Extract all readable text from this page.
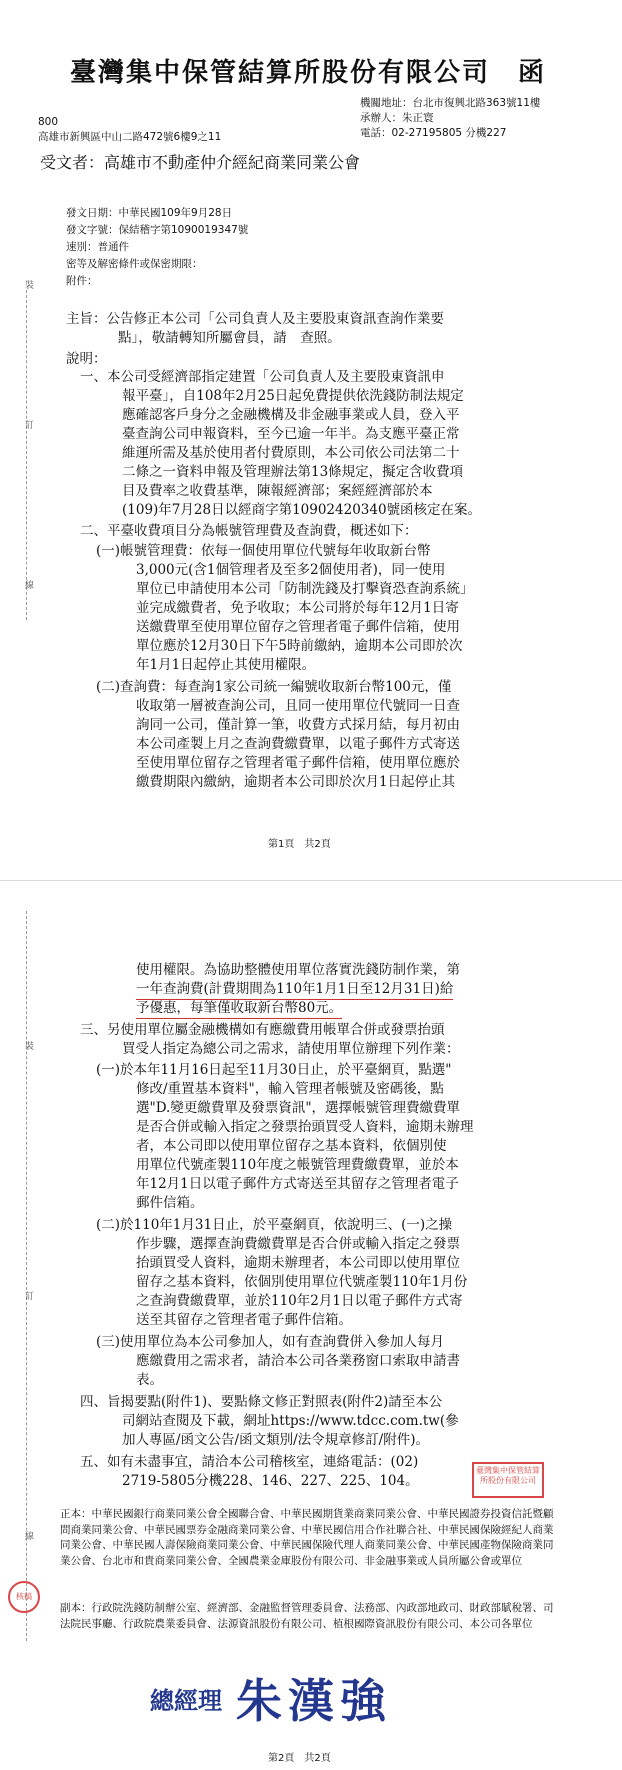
臺灣集中保管結算所股份有限公司　函
機關地址：台北市復興北路363號11樓
承辦人：朱正寰
電話：02-27195805 分機227
800
高雄市新興區中山二路472號6樓9之11
受文者：高雄市不動產仲介經紀商業同業公會
發文日期：中華民國109年9月28日
發文字號：保結稽字第1090019347號
速別：普通件
密等及解密條件或保密期限：
附件：
裝
訂
線
主旨：公告修正本公司「公司負責人及主要股東資訊查詢作業要
點」，敬請轉知所屬會員，請　查照。
說明：
一、本公司受經濟部指定建置「公司負責人及主要股東資訊申
報平臺」，自108年2月25日起免費提供依洗錢防制法規定
應確認客戶身分之金融機構及非金融事業或人員，登入平
臺查詢公司申報資料，至今已逾一年半。為支應平臺正常
維運所需及基於使用者付費原則，本公司依公司法第二十
二條之一資料申報及管理辦法第13條規定，擬定含收費項
目及費率之收費基準，陳報經濟部；案經經濟部於本
(109)年7月28日以經商字第10902420340號函核定在案。
二、平臺收費項目分為帳號管理費及查詢費，概述如下：
(一)帳號管理費：依每一個使用單位代號每年收取新台幣
3,000元(含1個管理者及至多2個使用者)，同一使用
單位已申請使用本公司「防制洗錢及打擊資恐查詢系統」
並完成繳費者，免予收取；本公司將於每年12月1日寄
送繳費單至使用單位留存之管理者電子郵件信箱，使用
單位應於12月30日下午5時前繳納，逾期本公司即於次
年1月1日起停止其使用權限。
(二)查詢費：每查詢1家公司統一編號收取新台幣100元，僅
收取第一層被查詢公司，且同一使用單位代號同一日查
詢同一公司，僅計算一筆，收費方式採月結，每月初由
本公司產製上月之查詢費繳費單，以電子郵件方式寄送
至使用單位留存之管理者電子郵件信箱，使用單位應於
繳費期限內繳納，逾期者本公司即於次月1日起停止其
第1頁　共2頁
裝
訂
線
使用權限。為協助整體使用單位落實洗錢防制作業，第
一年查詢費(計費期間為110年1月1日至12月31日)給
予優惠，每筆僅收取新台幣80元。
三、另使用單位屬金融機構如有應繳費用帳單合併或發票抬頭
買受人指定為總公司之需求，請使用單位辦理下列作業：
(一)於本年11月16日起至11月30日止，於平臺網頁，點選"
修改/重置基本資料"，輸入管理者帳號及密碼後，點
選"D.變更繳費單及發票資訊"，選擇帳號管理費繳費單
是否合併或輸入指定之發票抬頭買受人資料，逾期未辦理
者，本公司即以使用單位留存之基本資料，依個別使
用單位代號產製110年度之帳號管理費繳費單，並於本
年12月1日以電子郵件方式寄送至其留存之管理者電子
郵件信箱。
(二)於110年1月31日止，於平臺網頁，依說明三、(一)之操
作步驟，選擇查詢費繳費單是否合併或輸入指定之發票
抬頭買受人資料，逾期未辦理者，本公司即以使用單位
留存之基本資料，依個別使用單位代號產製110年1月份
之查詢費繳費單，並於110年2月1日以電子郵件方式寄
送至其留存之管理者電子郵件信箱。
(三)使用單位為本公司參加人，如有查詢費併入參加人每月
應繳費用之需求者，請洽本公司各業務窗口索取申請書
表。
四、旨揭要點(附件1)、要點條文修正對照表(附件2)請至本公
司網站查閱及下載，網址https://www.tdcc.com.tw(參
加人專區/函文公告/函文類別/法令規章修訂/附件)。
五、如有未盡事宜，請洽本公司稽核室，連絡電話：(02)
2719-5805分機228、146、227、225、104。
臺灣集中保管結算所股份有限公司
核稿
正本：中華民國銀行商業同業公會全國聯合會、中華民國期貨業商業同業公會、中華民國證券投資信託暨顧問商業同業公會、中華民國票券金融商業同業公會、中華民國信用合作社聯合社、中華民國保險經紀人商業同業公會、中華民國人壽保險商業同業公會、中華民國保險代理人商業同業公會、中華民國產物保險商業同業公會、台北市和貴商業同業公會、全國農業金庫股份有限公司、非金融事業或人員所屬公會或單位
副本：行政院洗錢防制辦公室、經濟部、金融監督管理委員會、法務部、內政部地政司、財政部賦稅署、司法院民事廳、行政院農業委員會、法源資訊股份有限公司、植根國際資訊股份有限公司、本公司各單位
總經理 朱漢強
第2頁　共2頁
